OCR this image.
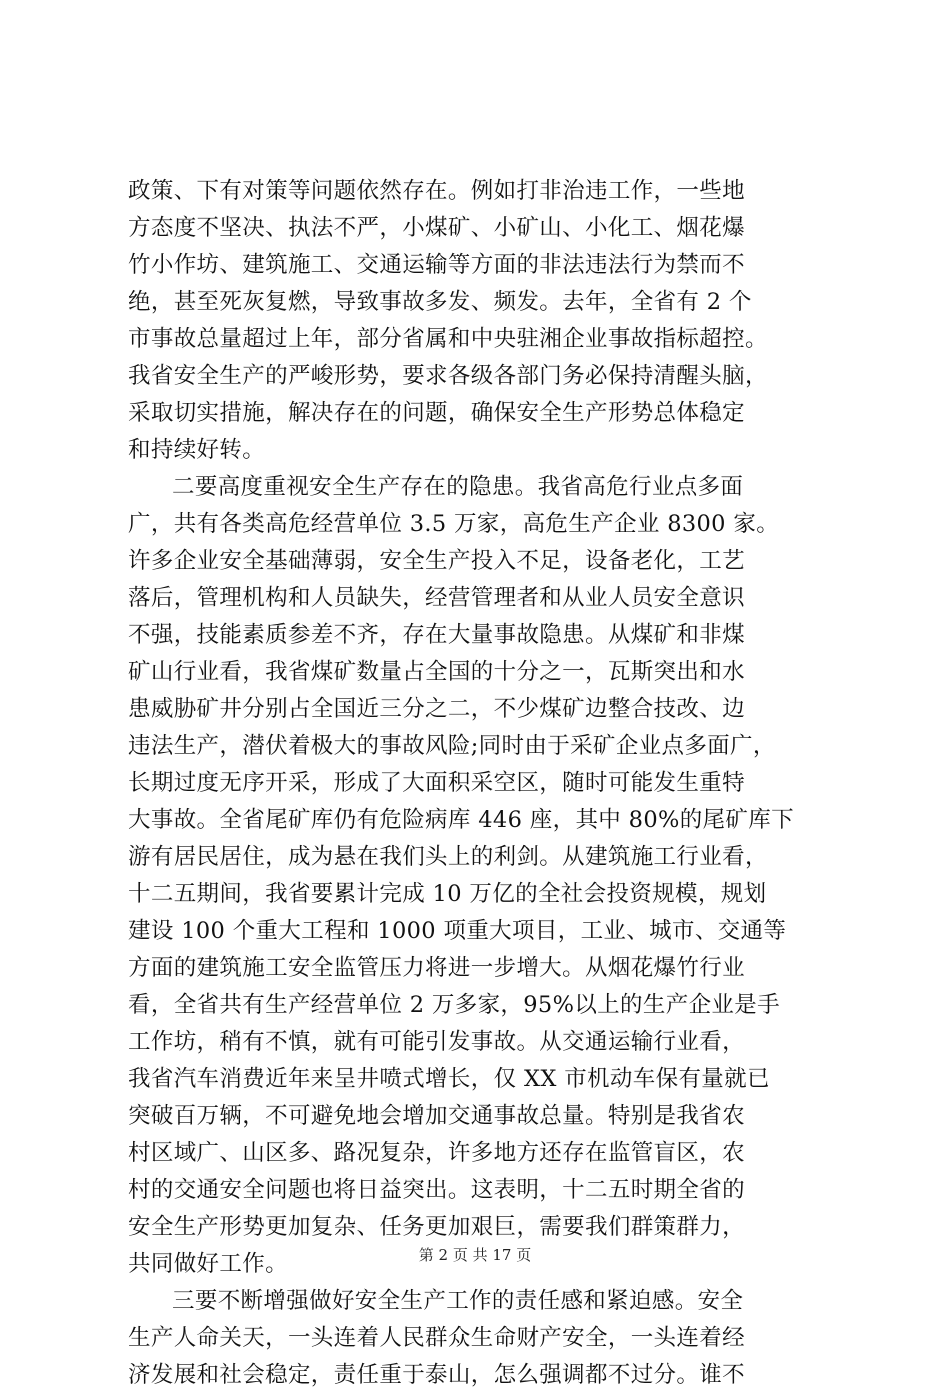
政策、下有对策等问题依然存在。例如打非治违工作，一些地
方态度不坚决、执法不严，小煤矿、小矿山、小化工、烟花爆
竹小作坊、建筑施工、交通运输等方面的非法违法行为禁而不
绝，甚至死灰复燃，导致事故多发、频发。去年，全省有 2 个
市事故总量超过上年，部分省属和中央驻湘企业事故指标超控。
我省安全生产的严峻形势，要求各级各部门务必保持清醒头脑，
采取切实措施，解决存在的问题，确保安全生产形势总体稳定
和持续好转。
二要高度重视安全生产存在的隐患。我省高危行业点多面
广，共有各类高危经营单位 3.5 万家，高危生产企业 8300 家。
许多企业安全基础薄弱，安全生产投入不足，设备老化，工艺
落后，管理机构和人员缺失，经营管理者和从业人员安全意识
不强，技能素质参差不齐，存在大量事故隐患。从煤矿和非煤
矿山行业看，我省煤矿数量占全国的十分之一，瓦斯突出和水
患威胁矿井分别占全国近三分之二，不少煤矿边整合技改、边
违法生产，潜伏着极大的事故风险;同时由于采矿企业点多面广，
长期过度无序开采，形成了大面积采空区，随时可能发生重特
大事故。全省尾矿库仍有危险病库 446 座，其中 80%的尾矿库下
游有居民居住，成为悬在我们头上的利剑。从建筑施工行业看，
十二五期间，我省要累计完成 10 万亿的全社会投资规模，规划
建设 100 个重大工程和 1000 项重大项目，工业、城市、交通等
方面的建筑施工安全监管压力将进一步增大。从烟花爆竹行业
看，全省共有生产经营单位 2 万多家，95%以上的生产企业是手
工作坊，稍有不慎，就有可能引发事故。从交通运输行业看，
我省汽车消费近年来呈井喷式增长，仅 XX 市机动车保有量就已
突破百万辆，不可避免地会增加交通事故总量。特别是我省农
村区域广、山区多、路况复杂，许多地方还存在监管盲区，农
村的交通安全问题也将日益突出。这表明，十二五时期全省的
安全生产形势更加复杂、任务更加艰巨，需要我们群策群力，
共同做好工作。
三要不断增强做好安全生产工作的责任感和紧迫感。安全
生产人命关天，一头连着人民群众生命财产安全，一头连着经
济发展和社会稳定，责任重于泰山，怎么强调都不过分。谁不
第 2 页 共 17 页
